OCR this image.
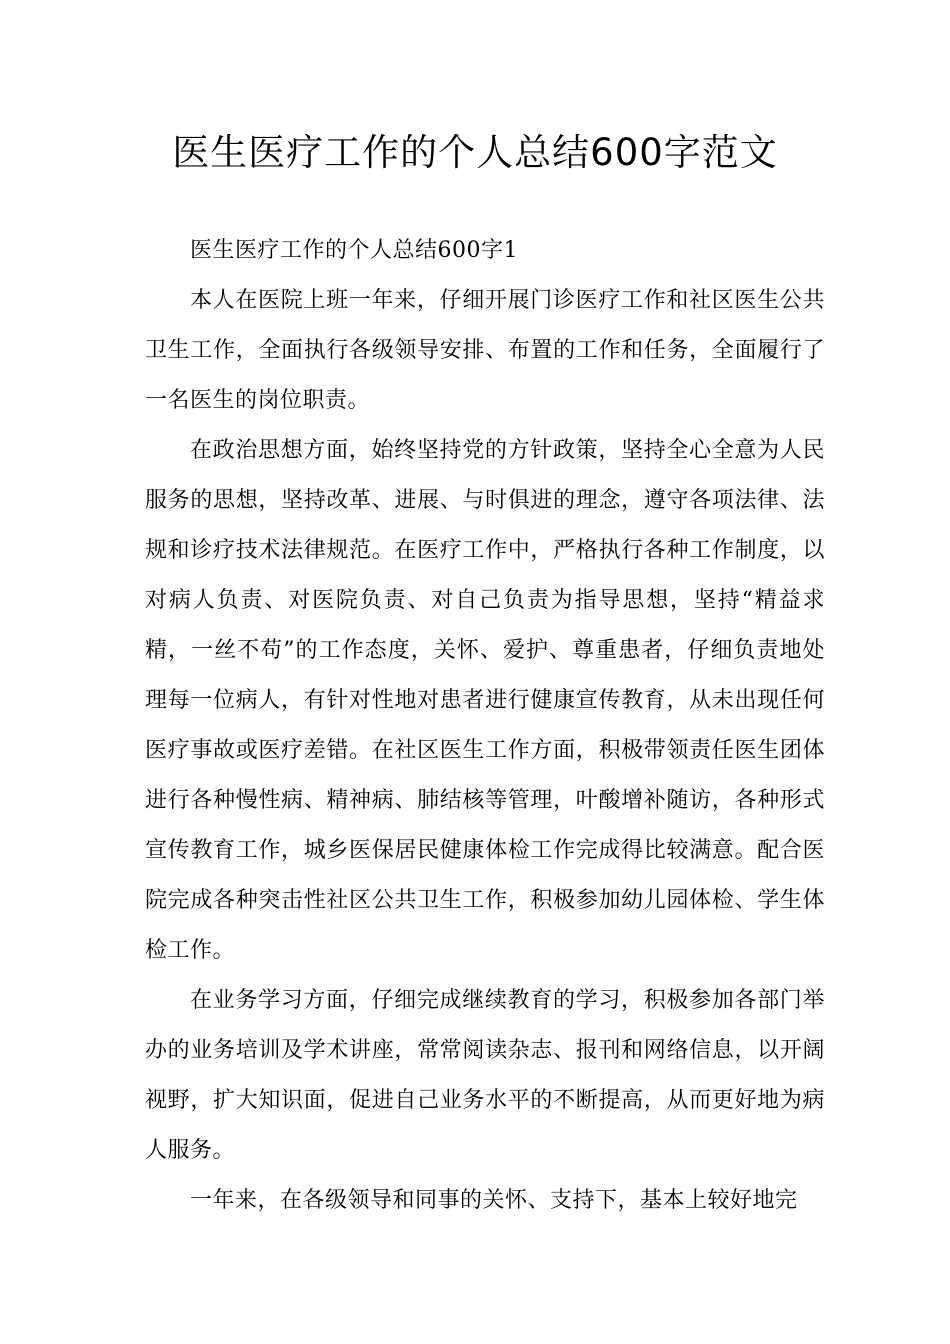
医生医疗工作的个人总结600字范文

医生医疗工作的个人总结600字1

本人在医院上班一年来，仔细开展门诊医疗工作和社区医生公共卫生工作，全面执行各级领导安排、布置的工作和任务，全面履行了一名医生的岗位职责。

在政治思想方面，始终坚持党的方针政策，坚持全心全意为人民服务的思想，坚持改革、进展、与时俱进的理念，遵守各项法律、法规和诊疗技术法律规范。在医疗工作中，严格执行各种工作制度，以对病人负责、对医院负责、对自己负责为指导思想，坚持“精益求精，一丝不苟”的工作态度，关怀、爱护、尊重患者，仔细负责地处理每一位病人，有针对性地对患者进行健康宣传教育，从未出现任何医疗事故或医疗差错。在社区医生工作方面，积极带领责任医生团体进行各种慢性病、精神病、肺结核等管理，叶酸增补随访，各种形式宣传教育工作，城乡医保居民健康体检工作完成得比较满意。配合医院完成各种突击性社区公共卫生工作，积极参加幼儿园体检、学生体检工作。

在业务学习方面，仔细完成继续教育的学习，积极参加各部门举办的业务培训及学术讲座，常常阅读杂志、报刊和网络信息，以开阔视野，扩大知识面，促进自己业务水平的不断提高，从而更好地为病人服务。

一年来，在各级领导和同事的关怀、支持下，基本上较好地完
